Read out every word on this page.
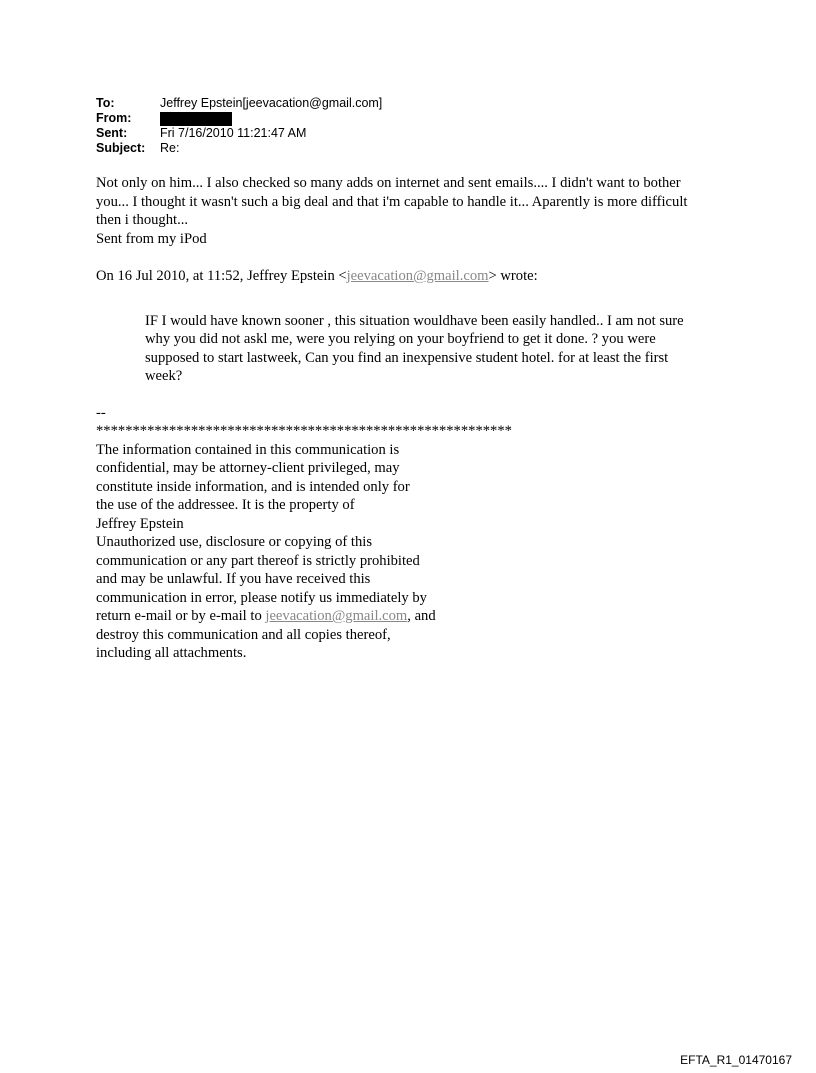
To:	Jeffrey Epstein[jeevacation@gmail.com]
From:
Sent:	Fri 7/16/2010 11:21:47 AM
Subject:	Re:

Not only on him... I also checked so many adds on internet and sent emails.... I didn't want to bother you... I thought it wasn't such a big deal and that i'm capable to handle it... Aparently is more difficult then i thought...

Sent from my iPod

On 16 Jul 2010, at 11:52, Jeffrey Epstein <jeevacation@gmail.com> wrote:

IF I would have known sooner , this situation wouldhave been easily handled.. I am not sure why you did not askl me, were you relying on your boyfriend to get it done. ? you were supposed to start lastweek, Can you find an inexpensive student hotel. for at least the first week?

--
*********************************************************
The information contained in this communication is
confidential, may be attorney-client privileged, may
constitute inside information, and is intended only for
the use of the addressee. It is the property of
Jeffrey Epstein
Unauthorized use, disclosure or copying of this
communication or any part thereof is strictly prohibited
and may be unlawful. If you have received this
communication in error, please notify us immediately by
return e-mail or by e-mail to jeevacation@gmail.com, and
destroy this communication and all copies thereof,
including all attachments.
EFTA_R1_01470167
